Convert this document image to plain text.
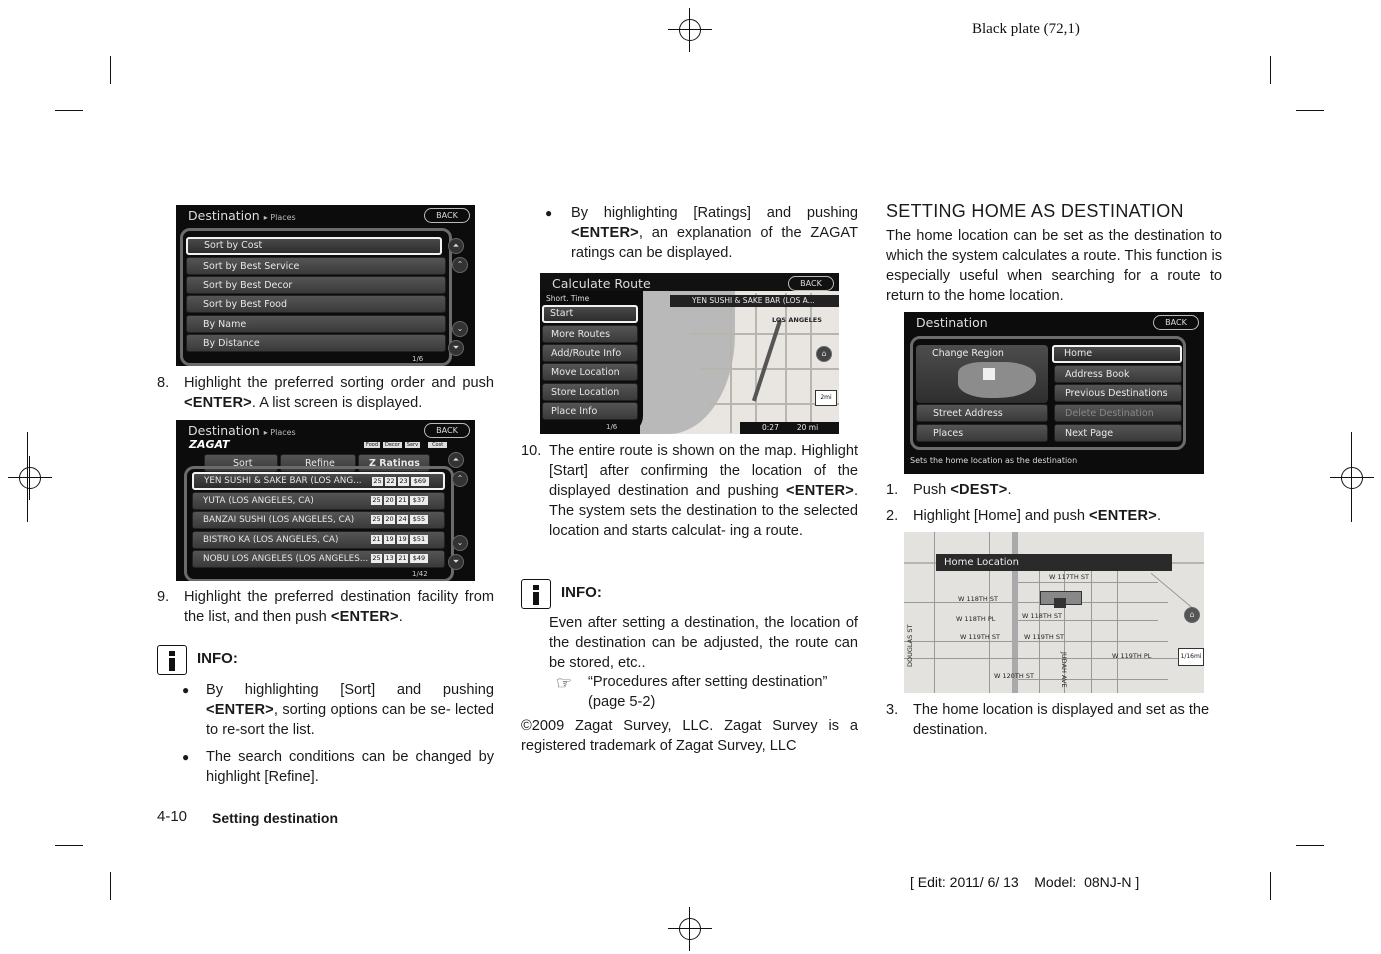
Black plate (72,1)
[ Edit: 2011/ 6/ 13    Model:  08NJ-N ]
Destination ▸ Places	BACK
Sort by Cost
Sort by Best Service
Sort by Best Decor
Sort by Best Food
By Name
By Distance
⏶
⌃
⌄
⏷
1/6
8. Highlight the preferred sorting order and push <ENTER>. A list screen is displayed.
Destination ▸ Places	BACK
ZAGAT	Food Decor Serv	Cost
Sort	Refine	Z Ratings
YEN SUSHI & SAKE BAR (LOS ANG... 25 22 23 $69
YUTA (LOS ANGELES, CA)	25 20 21 $37
BANZAI SUSHI (LOS ANGELES, CA)	25 20 24 $55
BISTRO KA (LOS ANGELES, CA)	21 19 19 $51
NOBU LOS ANGELES (LOS ANGELES... 25 13 21 $49
⏶
⌃
⌄
⏷
1/42
9. Highlight the preferred destination facility from the list, and then push <ENTER>.
INFO:
● By highlighting [Sort] and pushing <ENTER>, sorting options can be se- lected to re-sort the list.
● The search conditions can be changed by highlight [Refine].
4-10 Setting destination
● By highlighting [Ratings] and pushing <ENTER>, an explanation of the ZAGAT ratings can be displayed.
Calculate Route	BACK
YEN SUSHI & SAKE BAR (LOS A...
LOS ANGELES
Short. Time
Start
More Routes
Add/Route Info
Move Location
Store Location
Place Info
1/6
⌂
2mi
0:27 20 mi
10. The entire route is shown on the map. Highlight [Start] after confirming the location of the displayed destination and pushing <ENTER>. The system sets the destination to the selected location and starts calculat- ing a route.
INFO:
Even after setting a destination, the location of the destination can be adjusted, the route can be stored, etc..
☞ “Procedures after setting destination” (page 5-2)
©2009 Zagat Survey, LLC. Zagat Survey is a registered trademark of Zagat Survey, LLC
SETTING HOME AS DESTINATION
The home location can be set as the destination to which the system calculates a route. This function is especially useful when searching for a route to return to the home location.
Destination	BACK
Change Region
Street Address
Places
Home
Address Book
Previous Destinations
Delete Destination
Next Page
Sets the home location as the destination
1. Push <DEST>.
2. Highlight [Home] and push <ENTER>.
Home Location
W 117TH ST
W 118TH ST
W 118TH PL	W 118TH ST
W 119TH ST	W 119TH ST
W 119TH PL
W 120TH ST
DOUGLAS ST
JUDAH AVE
⌂
1/16mi
3. The home location is displayed and set as the destination.
